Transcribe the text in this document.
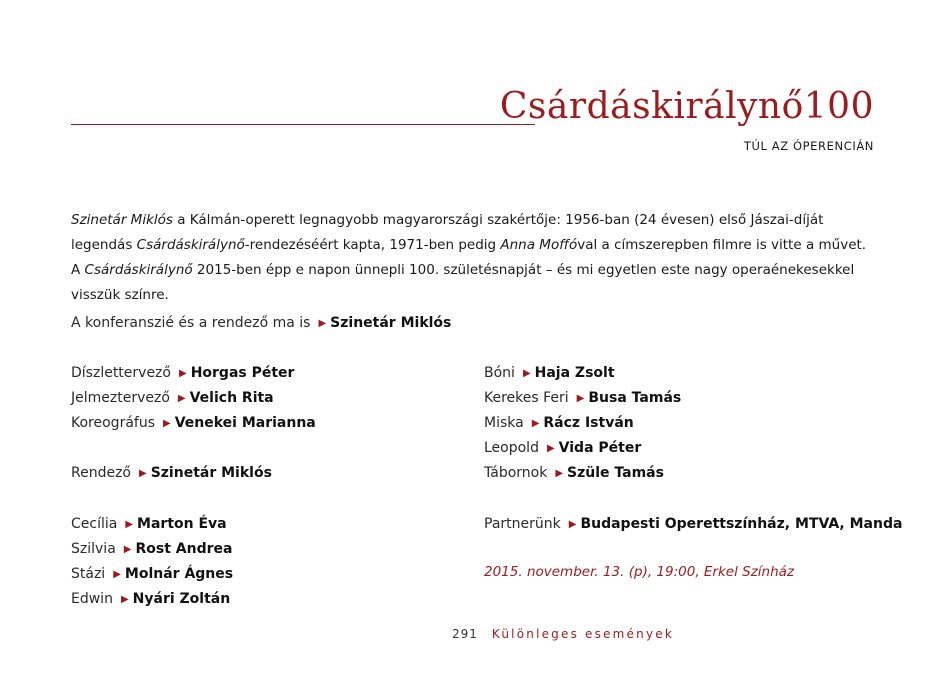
Csárdáskirálynő100
TÚL AZ ÓPERENCIÁN

Szinetár Miklós a Kálmán-operett legnagyobb magyarországi szakértője: 1956-ban (24 évesen) első Jászai-díját legendás Csárdáskirálynő-rendezéséért kapta, 1971-ben pedig Anna Moffóval a címszerepben filmre is vitte a művet. A Csárdáskirálynő 2015-ben épp e napon ünnepli 100. születésnapját – és mi egyetlen este nagy operaénekesekkel visszük színre.

A konferanszié és a rendező ma is ▶ Szinetár Miklós
Díszlettervező ▶ Horgas Péter
Jelmeztervező ▶ Velich Rita
Koreográfus ▶ Venekei Marianna
Rendező ▶ Szinetár Miklós
Cecília ▶ Marton Éva
Szilvia ▶ Rost Andrea
Stázi ▶ Molnár Ágnes
Edwin ▶ Nyári Zoltán
Bóni ▶ Haja Zsolt
Kerekes Feri ▶ Busa Tamás
Miska ▶ Rácz István
Leopold ▶ Vida Péter
Tábornok ▶ Szüle Tamás
Partnerünk ▶ Budapesti Operettszínház, MTVA, Manda
2015. november. 13. (p), 19:00, Erkel Színház
291 Különleges események
